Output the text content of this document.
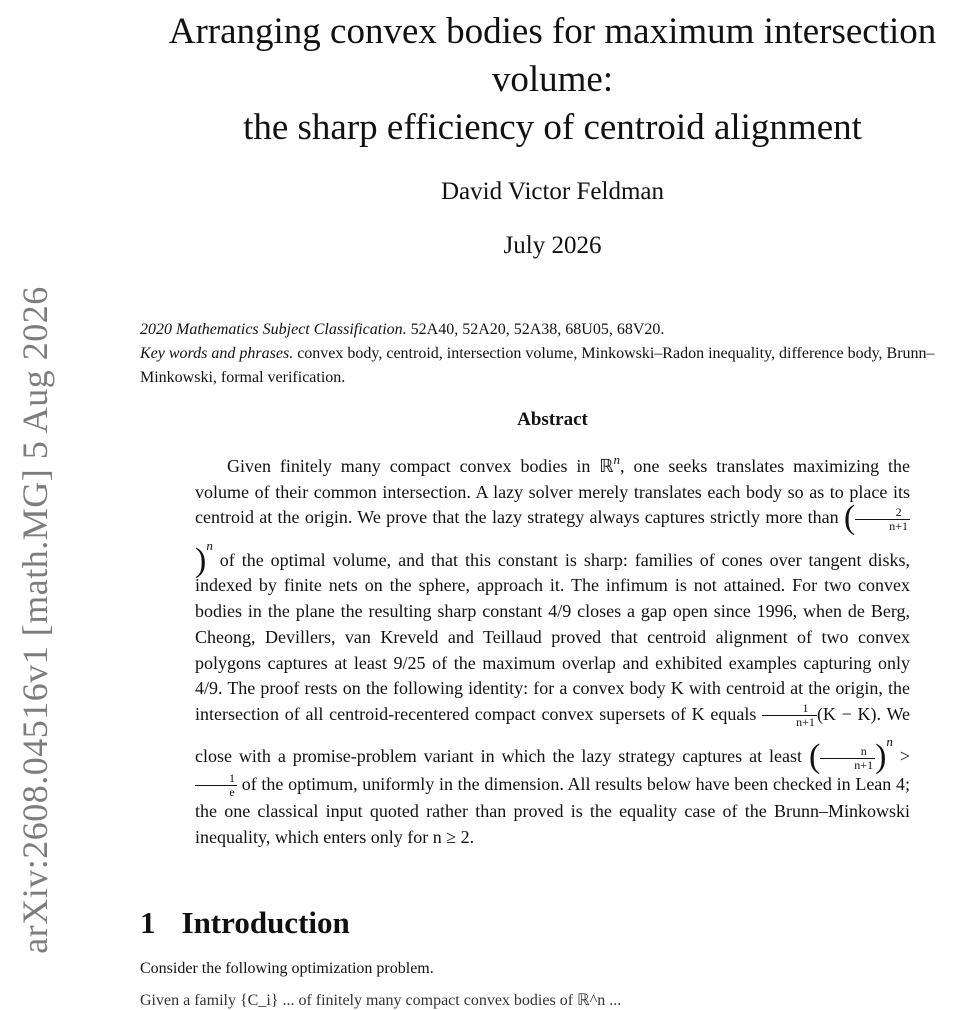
arXiv:2608.04516v1 [math.MG] 5 Aug 2026
Arranging convex bodies for maximum intersection
volume:
the sharp efficiency of centroid alignment
David Victor Feldman
July 2026
2020 Mathematics Subject Classification. 52A40, 52A20, 52A38, 68U05, 68V20.
Key words and phrases. convex body, centroid, intersection volume, Minkowski–Radon inequality, difference body, Brunn–Minkowski, formal verification.
Abstract

Given finitely many compact convex bodies in ℝ$^n$, one seeks translates maximizing the volume of their common intersection. A lazy solver merely translates each body so as to place its centroid at the origin. We prove that the lazy strategy always captures strictly more than ( $\frac{2}{n+1}$
)$^n$ of the optimal volume, and that this constant is sharp: families of cones over tangent disks, indexed by finite nets on the sphere, approach it. The infimum is not attained. For two convex bodies in the plane the resulting sharp constant 4/9 closes a gap open since 1996, when de Berg, Cheong, Devillers, van Kreveld and Teillaud proved that centroid alignment of two convex polygons captures at least 9/25 of the maximum overlap and exhibited examples capturing only 4/9. The proof rests on the following identity: for a convex body K with centroid at the origin, the intersection of all centroid-recentered compact convex supersets of K equals $\frac{1}{n+1} (K - K)$. We close with a promise-problem variant in which the lazy strategy captures at least ( $\frac{n}{n+1} )^n$ >
$\frac{1}{e}$ of the optimum, uniformly in the dimension. All results below have been checked in Lean 4; the one classical input quoted rather than proved is the equality case of the Brunn–Minkowski inequality, which enters only for n ≥ 2.

1 Introduction
Consider the following optimization problem.
Given a family {C_i} ... of finitely many compact convex bodies of ℝ^n ...
